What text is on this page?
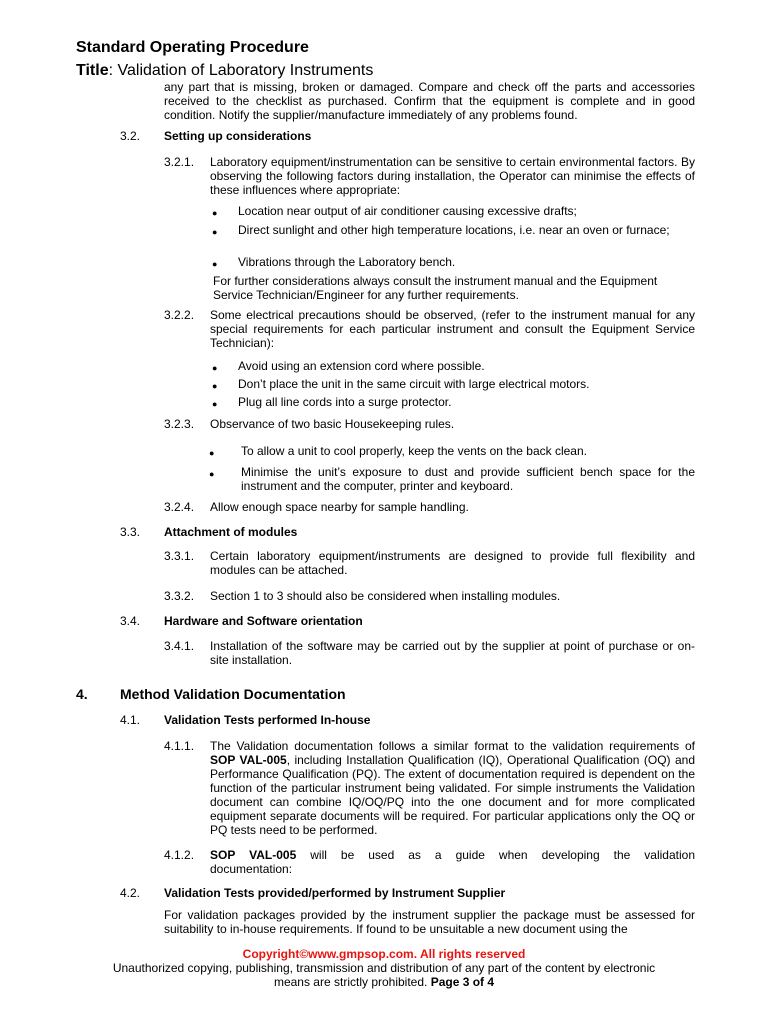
Standard Operating Procedure
Title: Validation of Laboratory Instruments
any part that is missing, broken or damaged. Compare and check off the parts and accessories received to the checklist as purchased. Confirm that the equipment is complete and in good condition. Notify the supplier/manufacture immediately of any problems found.
3.2. Setting up considerations
3.2.1. Laboratory equipment/instrumentation can be sensitive to certain environmental factors. By observing the following factors during installation, the Operator can minimise the effects of these influences where appropriate:
● Location near output of air conditioner causing excessive drafts;
● Direct sunlight and other high temperature locations, i.e. near an oven or furnace;
● Vibrations through the Laboratory bench.
For further considerations always consult the instrument manual and the Equipment Service Technician/Engineer for any further requirements.
3.2.2. Some electrical precautions should be observed, (refer to the instrument manual for any special requirements for each particular instrument and consult the Equipment Service Technician):
● Avoid using an extension cord where possible.
● Don’t place the unit in the same circuit with large electrical motors.
● Plug all line cords into a surge protector.
3.2.3. Observance of two basic Housekeeping rules.
● To allow a unit to cool properly, keep the vents on the back clean.
● Minimise the unit’s exposure to dust and provide sufficient bench space for the instrument and the computer, printer and keyboard.
3.2.4. Allow enough space nearby for sample handling.
3.3. Attachment of modules
3.3.1. Certain laboratory equipment/instruments are designed to provide full flexibility and modules can be attached.
3.3.2. Section 1 to 3 should also be considered when installing modules.
3.4. Hardware and Software orientation
3.4.1. Installation of the software may be carried out by the supplier at point of purchase or on-site installation.
4. Method Validation Documentation
4.1. Validation Tests performed In-house
4.1.1. The Validation documentation follows a similar format to the validation requirements of SOP VAL-005, including Installation Qualification (IQ), Operational Qualification (OQ) and Performance Qualification (PQ). The extent of documentation required is dependent on the function of the particular instrument being validated. For simple instruments the Validation document can combine IQ/OQ/PQ into the one document and for more complicated equipment separate documents will be required. For particular applications only the OQ or PQ tests need to be performed.
4.1.2. SOP VAL-005 will be used as a guide when developing the validation documentation:
4.2. Validation Tests provided/performed by Instrument Supplier
For validation packages provided by the instrument supplier the package must be assessed for suitability to in-house requirements. If found to be unsuitable a new document using the
Copyright©www.gmpsop.com. All rights reserved
Unauthorized copying, publishing, transmission and distribution of any part of the content by electronic
means are strictly prohibited. Page 3 of 4
